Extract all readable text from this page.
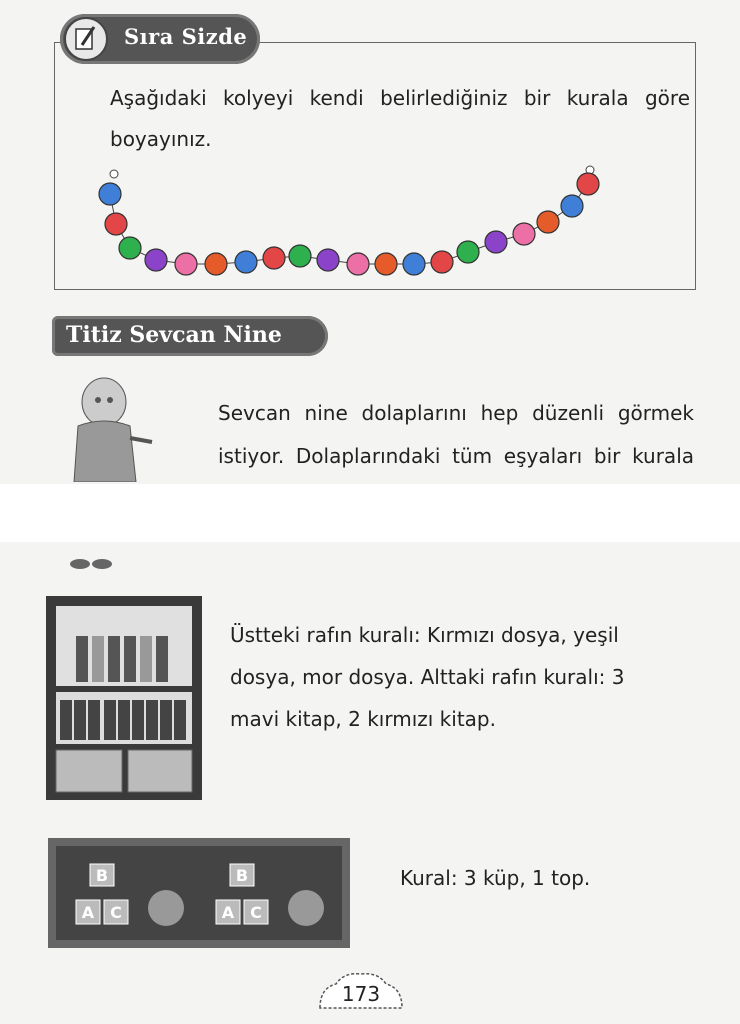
Sıra Sizde
Aşağıdaki kolyeyi kendi belirlediğiniz bir kurala göre boyayınız.
Titiz Sevcan Nine
Sevcan nine dolaplarını hep düzenli görmek istiyor. Dolaplarındaki tüm eşyaları bir kurala
Üstteki rafın kuralı: Kırmızı dosya, yeşil dosya, mor dosya. Alttaki rafın kuralı: 3 mavi kitap, 2 kırmızı kitap.
B
A C
B
A C
Kural: 3 küp, 1 top.
173
